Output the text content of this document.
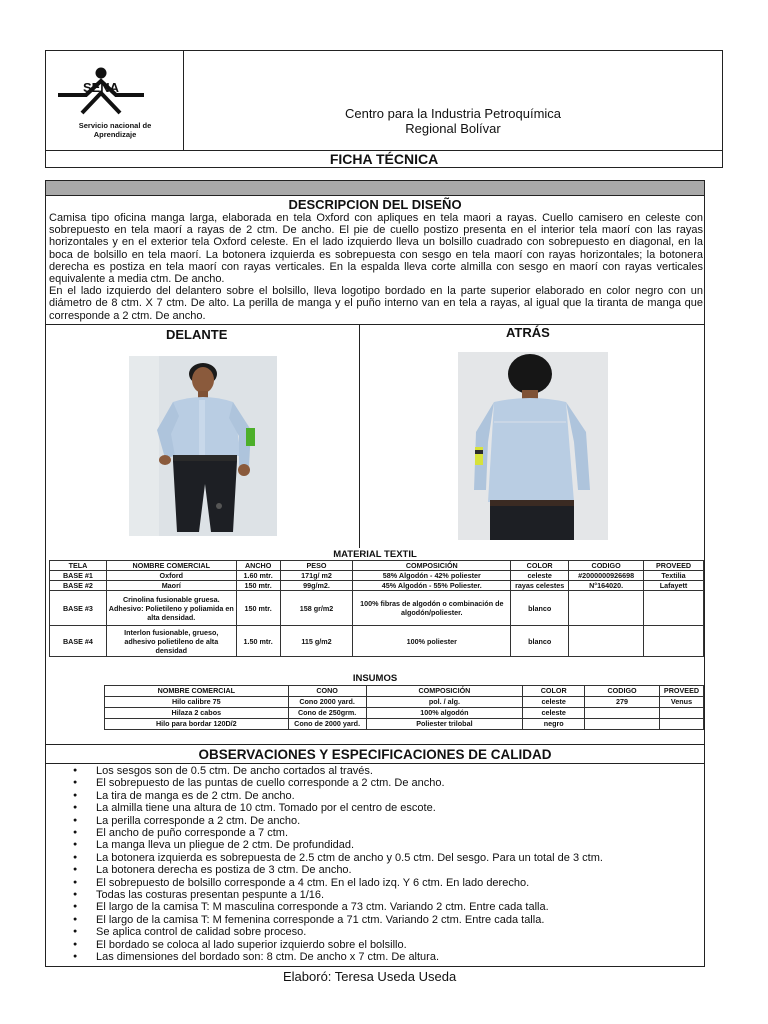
SENA
Servicio nacional de
Aprendizaje
Centro para la Industria Petroquímica
Regional Bolívar
FICHA TÉCNICA
DESCRIPCION DEL DISEÑO

Camisa tipo oficina manga larga, elaborada en tela Oxford con apliques en tela maori a rayas. Cuello camisero en celeste con sobrepuesto en tela maorí a rayas de 2 ctm. De ancho. El pie de cuello postizo presenta en el interior tela maorí con las rayas horizontales y en el exterior tela Oxford celeste. En el lado izquierdo lleva un bolsillo cuadrado con sobrepuesto en diagonal, en la boca de bolsillo en tela maorí. La botonera izquierda es sobrepuesta con sesgo en tela maorí con rayas horizontales; la botonera derecha es postiza en tela maorí con rayas verticales. En la espalda lleva corte almilla con sesgo en maorí con rayas verticales equivalente a media ctm. De ancho.

En el lado izquierdo del delantero sobre el bolsillo, lleva logotipo bordado en la parte superior elaborado en color negro con un diámetro de 8 ctm. X 7 ctm. De alto. La perilla de manga y el puño interno van en tela a rayas, al igual que la tiranta de manga que corresponde a 2 ctm. De ancho.

DELANTE	ATRÁS
MATERIAL TEXTIL
TELA	NOMBRE COMERCIAL	ANCHO	PESO	COMPOSICIÓN	COLOR	CODIGO	PROVEED
BASE #1	Oxford	1.60 mtr.	171g/ m2	58% Algodón - 42% poliester	celeste	#2000000926698	Textilia
BASE #2	Maorí	150 mtr.	99g/m2.	45% Algodón - 55% Poliester.	rayas celestes	N°164020.	Lafayett
BASE #3	Crinolina fusionable gruesa. Adhesivo: Polietileno y poliamida en alta densidad.	150 mtr.	158 gr/m2	100% fibras de algodón o combinación de algodón/poliester.	blanco		
BASE #4	Interlon fusionable, grueso, adhesivo polietileno de alta densidad	1.50 mtr.	115 g/m2	100% poliester	blanco		
INSUMOS
NOMBRE COMERCIAL	CONO	COMPOSICIÓN	COLOR	CODIGO	PROVEED
Hilo calibre 75	Cono 2000 yard.	pol. / alg.	celeste	279	Venus
Hilaza 2 cabos	Cono de 250grm.	100% algodón	celeste		
Hilo para bordar 120D/2	Cono de 2000 yard.	Poliester trilobal	negro		
OBSERVACIONES Y ESPECIFICACIONES DE CALIDAD
● Los sesgos son de 0.5 ctm. De ancho cortados al través.
● El sobrepuesto de las puntas de cuello corresponde a 2 ctm. De ancho.
● La tira de manga es de 2 ctm. De ancho.
● La almilla tiene una altura de 10 ctm. Tomado por el centro de escote.
● La perilla corresponde a 2 ctm. De ancho.
● El ancho de puño corresponde a 7 ctm.
● La manga lleva un pliegue de 2 ctm. De profundidad.
● La botonera izquierda es sobrepuesta de 2.5 ctm de ancho y 0.5 ctm. Del sesgo. Para un total de 3 ctm.
● La botonera derecha es postiza de 3 ctm. De ancho.
● El sobrepuesto de bolsillo corresponde a 4 ctm. En el lado izq. Y 6 ctm. En lado derecho.
● Todas las costuras presentan pespunte a 1/16.
● El largo de la camisa T: M masculina corresponde a 73 ctm. Variando 2 ctm. Entre cada talla.
● El largo de la camisa T: M femenina corresponde a 71 ctm. Variando 2 ctm. Entre cada talla.
● Se aplica control de calidad sobre proceso.
● El bordado se coloca al lado superior izquierdo sobre el bolsillo.
● Las dimensiones del bordado son: 8 ctm. De ancho x 7 ctm. De altura.
Elaboró: Teresa Useda Useda
